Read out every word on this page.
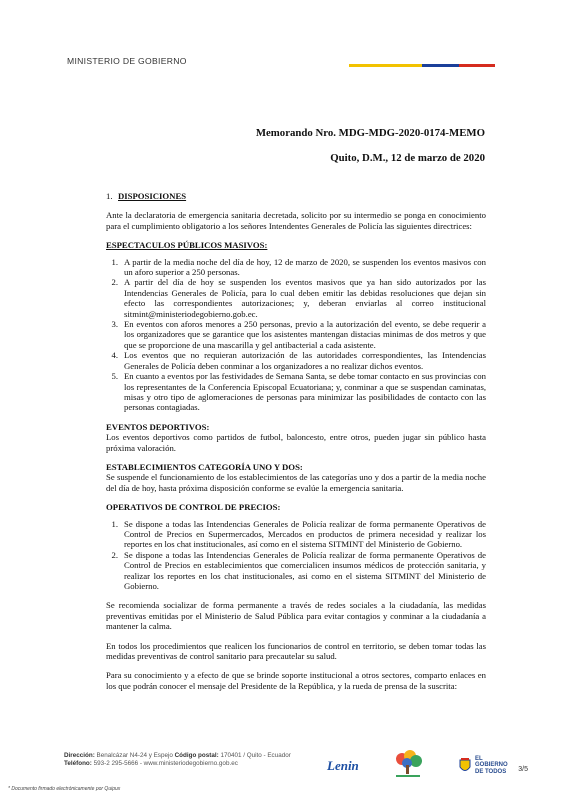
MINISTERIO DE GOBIERNO
Memorando Nro. MDG-MDG-2020-0174-MEMO
Quito, D.M., 12 de marzo de 2020
1. DISPOSICIONES

Ante la declaratoria de emergencia sanitaria decretada, solicito por su intermedio se ponga en conocimiento para el cumplimiento obligatorio a los señores Intendentes Generales de Policía las siguientes directrices:

ESPECTACULOS PÚBLICOS MASIVOS:

1. A partir de la media noche del día de hoy, 12 de marzo de 2020, se suspenden los eventos masivos con un aforo superior a 250 personas.
2. A partir del día de hoy se suspenden los eventos masivos que ya han sido autorizados por las Intendencias Generales de Policía, para lo cual deben emitir las debidas resoluciones que dejan sin efecto las correspondientes autorizaciones; y, deberan enviarlas al correo institucional sitmint@ministeriodegobierno.gob.ec.
3. En eventos con aforos menores a 250 personas, previo a la autorización del evento, se debe requerir a los organizadores que se garantice que los asistentes mantengan distacias minimas de dos metros y que que se proporcione de una mascarilla y gel antibacterial a cada asistente.
4. Los eventos que no requieran autorización de las autoridades correspondientes, las Intendencias Generales de Policía deben conminar a los organizadores a no realizar dichos eventos.
5. En cuanto a eventos por las festividades de Semana Santa, se debe tomar contacto en sus provincias con los representantes de la Conferencia Episcopal Ecuatoriana; y, conminar a que se suspendan caminatas, misas y otro tipo de aglomeraciones de personas para minimizar las posibilidades de contacto con las personas contagiadas.

EVENTOS DEPORTIVOS:

Los eventos deportivos como partidos de futbol, baloncesto, entre otros, pueden jugar sin público hasta próxima valoración.

ESTABLECIMIENTOS CATEGORÍA UNO Y DOS:

Se suspende el funcionamiento de los establecimientos de las categorías uno y dos a partir de la media noche del día de hoy, hasta próxima disposición conforme se evalúe la emergencia sanitaria.

OPERATIVOS DE CONTROL DE PRECIOS:

1. Se dispone a todas las Intendencias Generales de Policía realizar de forma permanente Operativos de Control de Precios en Supermercados, Mercados en productos de primera necesidad y realizar los reportes en los chat institucionales, así como en el sistema SITMINT del Ministerio de Gobierno.
2. Se dispone a todas las Intendencias Generales de Policía realizar de forma permanente Operativos de Control de Precios en establecimientos que comercialicen insumos médicos de protección sanitaria, y realizar los reportes en los chat institucionales, asi como en el sistema SITMINT del Ministerio de Gobierno.

Se recomienda socializar de forma permanente a través de redes sociales a la ciudadanía, las medidas preventivas emitidas por el Ministerio de Salud Pública para evitar contagios y conminar a la ciudadanía a mantener la calma.

En todos los procedimientos que realicen los funcionarios de control en territorio, se deben tomar todas las medidas preventivas de control sanitario para precautelar su salud.

Para su conocimiento y a efecto de que se brinde soporte institucional a otros sectores, comparto enlaces en los que podrán conocer el mensaje del Presidente de la República, y la rueda de prensa de la suscrita:

Dirección: Benalcázar N4-24 y Espejo Código postal: 170401 / Quito - Ecuador
Teléfono: 593-2 295-5666 - www.ministeriodegobierno.gob.ec
* Documento firmado electrónicamente por Quipux
Lenin	EL
GOBIERNO
DE TODOS 3/5
